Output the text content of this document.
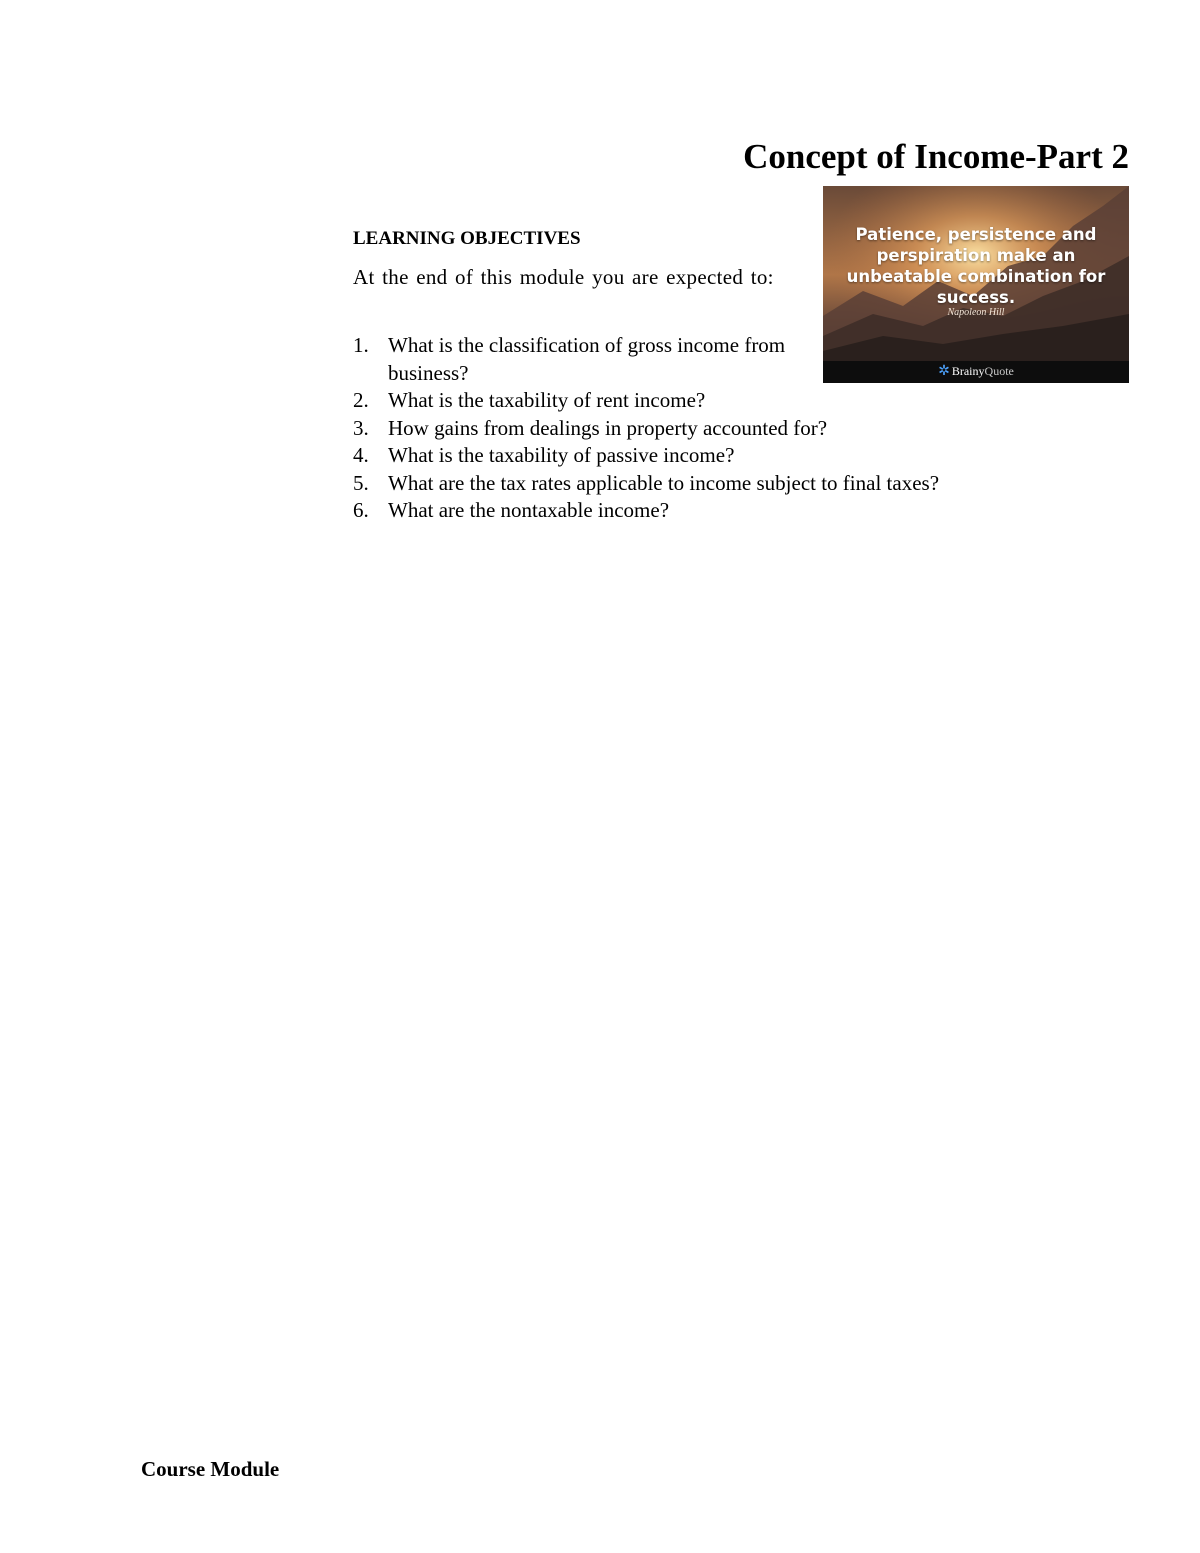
Concept of Income-Part 2
Patience, persistence and perspiration make an unbeatable combination for success.
Napoleon Hill
✲ BrainyQuote
LEARNING OBJECTIVES
At the end of this module you are expected to:
1. What is the classification of gross income from business?
2. What is the taxability of rent income?
3. How gains from dealings in property accounted for?
4. What is the taxability of passive income?
5. What are the tax rates applicable to income subject to final taxes?
6. What are the nontaxable income?
Course Module
